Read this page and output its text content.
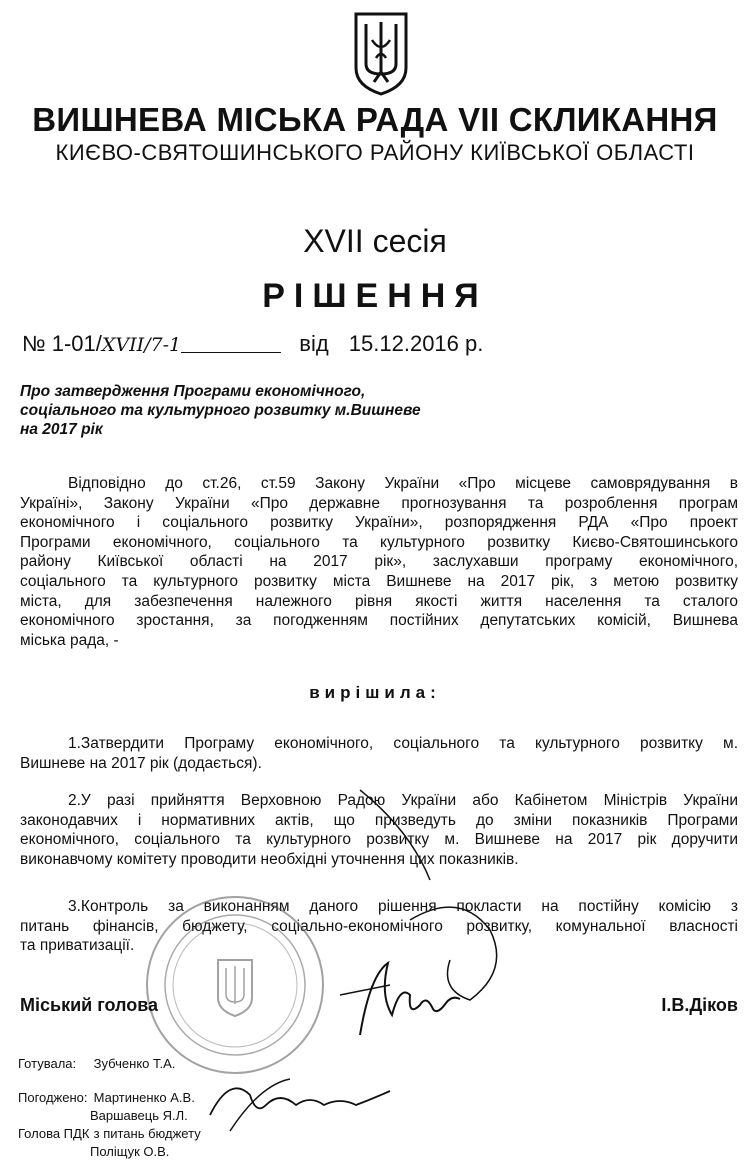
ВИШНЕВА МІСЬКА РАДА VII СКЛИКАННЯ
КИЄВО-СВЯТОШИНСЬКОГО РАЙОНУ КИЇВСЬКОЇ ОБЛАСТІ
XVII сесія
РІШЕННЯ
№ 1-01/XVII/7-1	від 15.12.2016 р.
Про затвердження Програми економічного,
соціального та культурного розвитку м.Вишневе
на 2017 рік
Відповідно до ст.26, ст.59 Закону України «Про місцеве самоврядування в
Україні», Закону України «Про державне прогнозування та розроблення програм
економічного і соціального розвитку України», розпорядження РДА «Про проект
Програми економічного, соціального та культурного розвитку Києво-Святошинського
району Київської області на 2017 рік», заслухавши програму економічного,
соціального та культурного розвитку міста Вишневе на 2017 рік, з метою розвитку
міста, для забезпечення належного рівня якості життя населення та сталого
економічного зростання, за погодженням постійних депутатських комісій, Вишнева
міська рада, -
вирішила:
1.Затвердити Програму економічного, соціального та культурного розвитку м.
Вишневе на 2017 рік (додається).
2.У разі прийняття Верховною Радою України або Кабінетом Міністрів України
законодавчих і нормативних актів, що призведуть до зміни показників Програми
економічного, соціального та культурного розвитку м. Вишневе на 2017 рік доручити
виконавчому комітету проводити необхідні уточнення цих показників.
3.Контроль за виконанням даного рішення покласти на постійну комісію з
питань фінансів, бюджету, соціально-економічного розвитку, комунальної власності
та приватизації.
Міський голова	І.В.Діков
Готувала: Зубченко Т.А.
Погоджено: Мартиненко А.В.
Варшавець Я.Л.
Голова ПДК з питань бюджету
Поліщук О.В.
